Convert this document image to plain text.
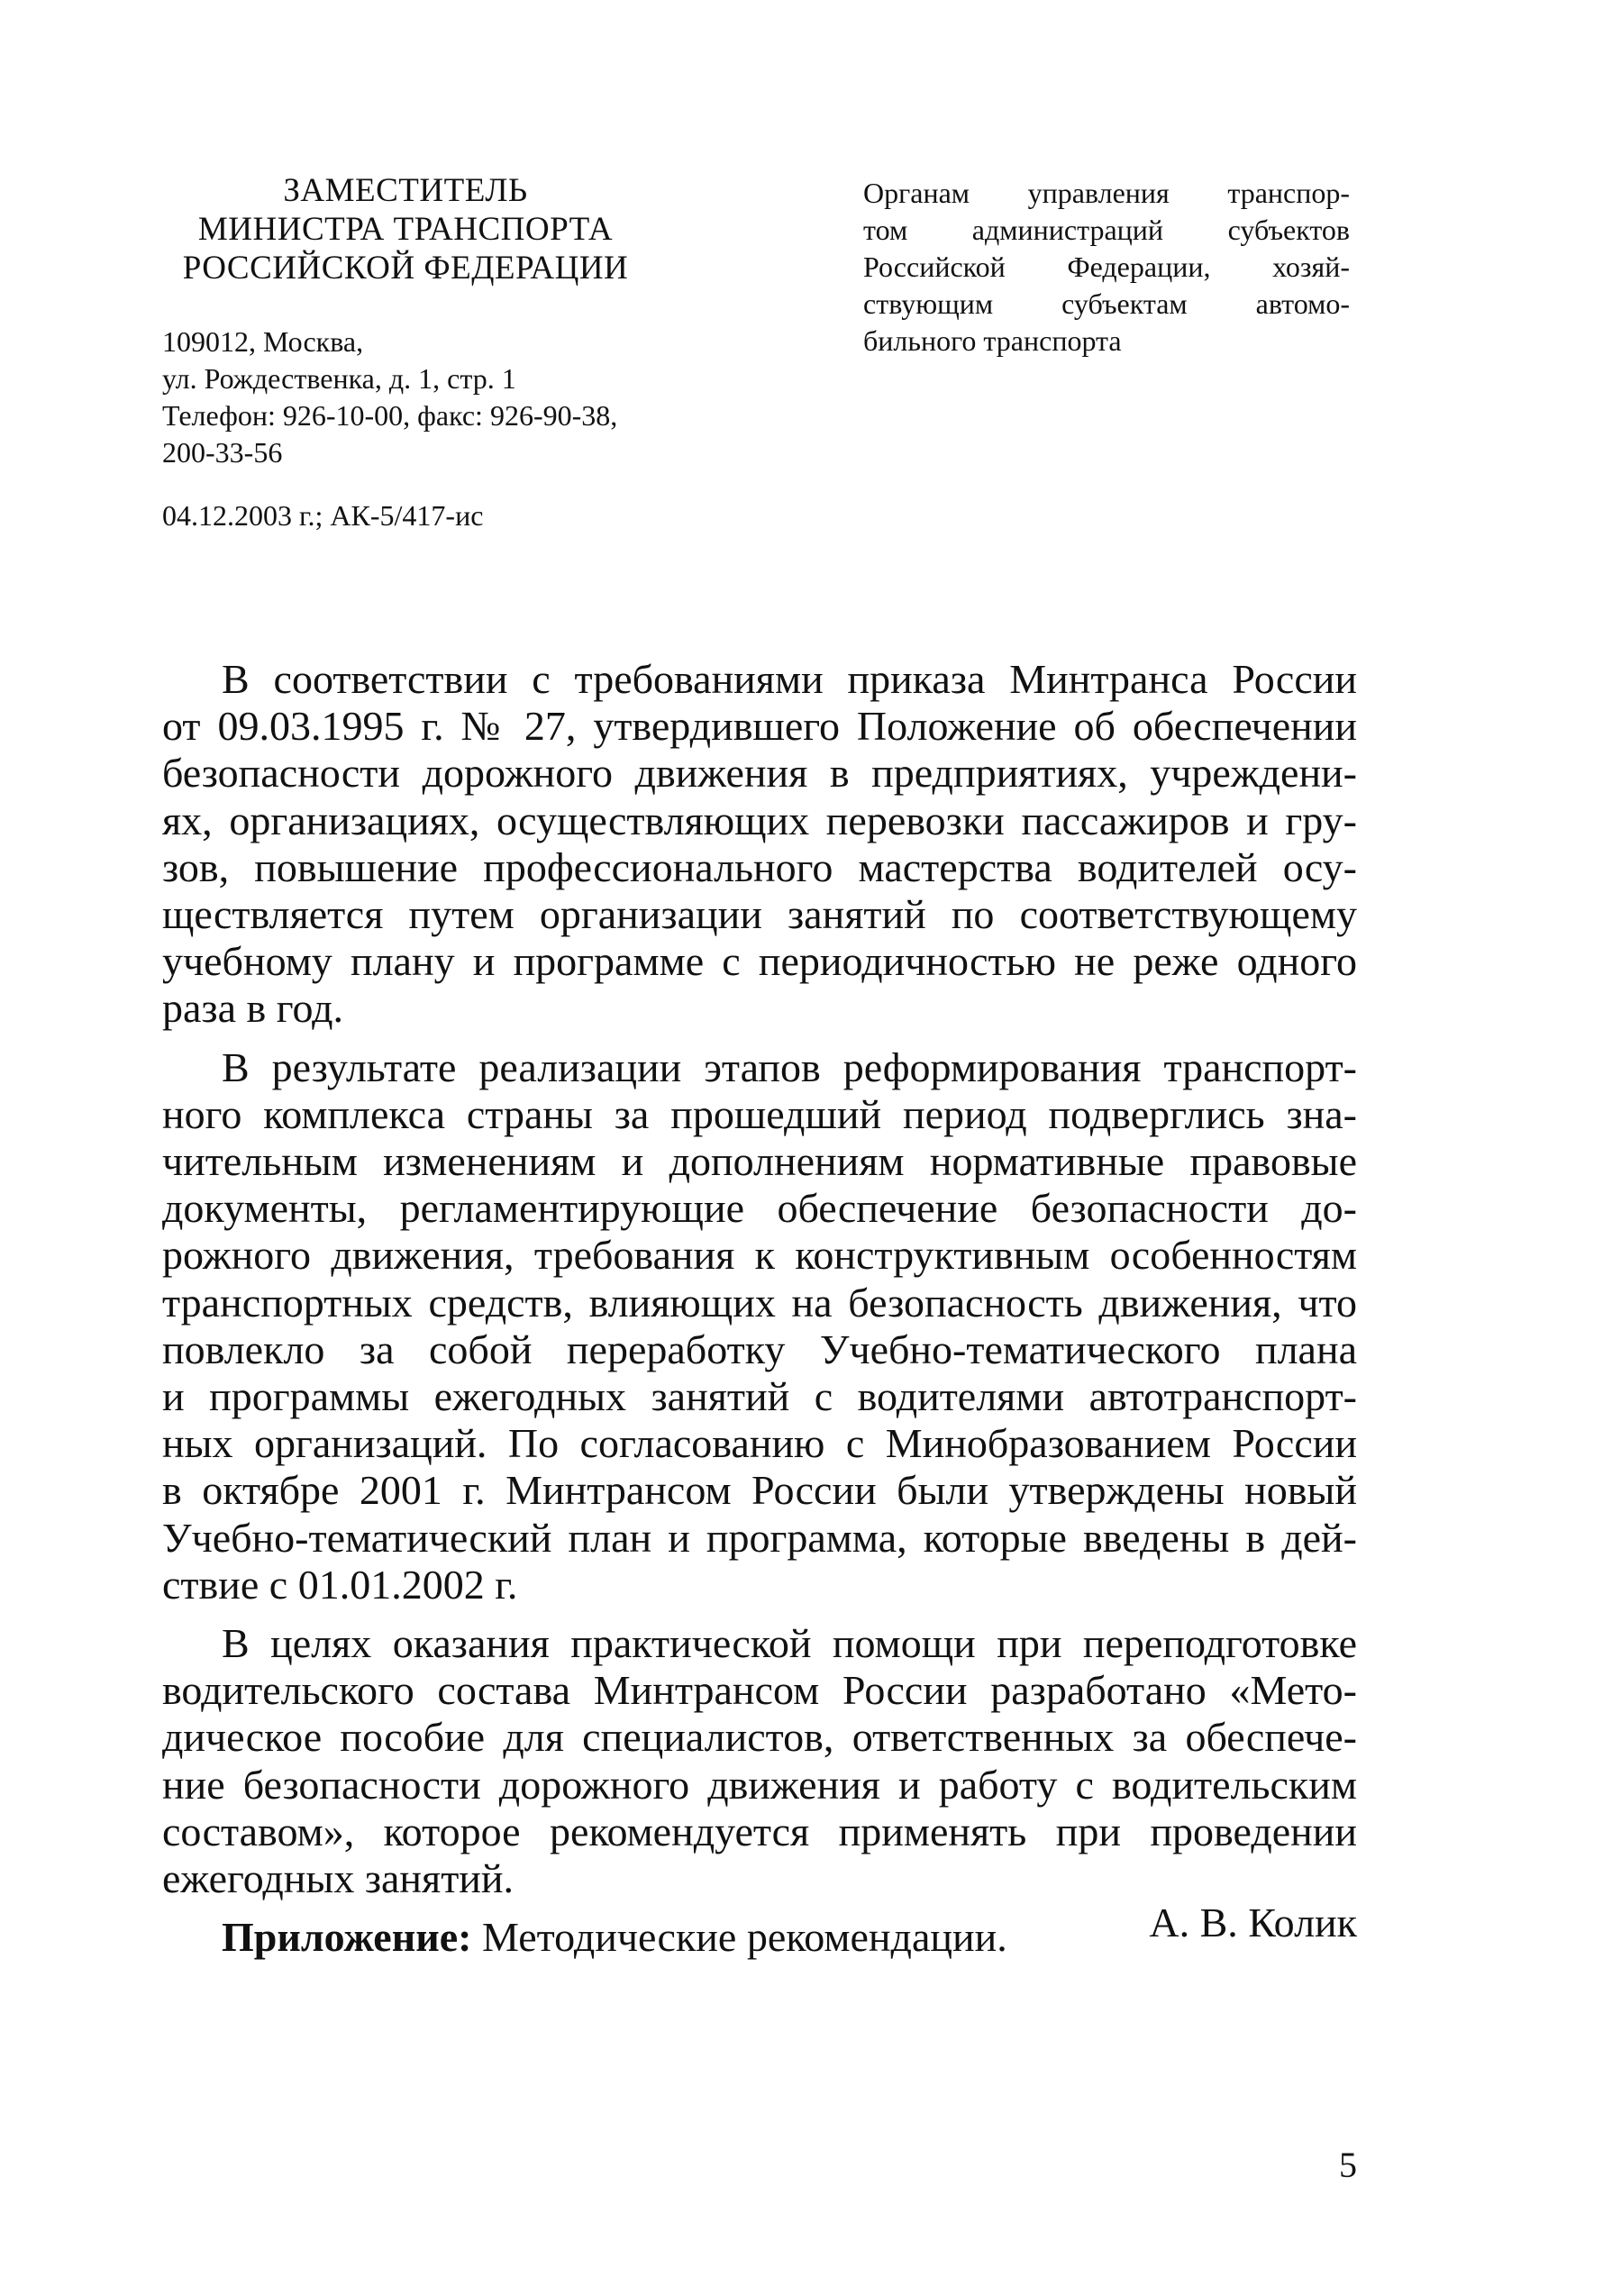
ЗАМЕСТИТЕЛЬ
МИНИСТРА ТРАНСПОРТА
РОССИЙСКОЙ ФЕДЕРАЦИИ
109012, Москва,
ул. Рождественка, д. 1, стр. 1
Телефон: 926-10-00, факс: 926-90-38,
200-33-56
04.12.2003 г.; АК-5/417-ис
Органам управления транспор-
том администраций субъектов
Российской Федерации, хозяй-
ствующим субъектам автомо-
бильного транспорта
В соответствии с требованиями приказа Минтранса России
от 09.03.1995 г. № 27, утвердившего Положение об обеспечении
безопасности дорожного движения в предприятиях, учреждени-
ях, организациях, осуществляющих перевозки пассажиров и гру-
зов, повышение профессионального мастерства водителей осу-
ществляется путем организации занятий по соответствующему
учебному плану и программе с периодичностью не реже одного
раза в год.
В результате реализации этапов реформирования транспорт-
ного комплекса страны за прошедший период подверглись зна-
чительным изменениям и дополнениям нормативные правовые
документы, регламентирующие обеспечение безопасности до-
рожного движения, требования к конструктивным особенностям
транспортных средств, влияющих на безопасность движения, что
повлекло за собой переработку Учебно-тематического плана
и программы ежегодных занятий с водителями автотранспорт-
ных организаций. По согласованию с Минобразованием России
в октябре 2001 г. Минтрансом России были утверждены новый
Учебно-тематический план и программа, которые введены в дей-
ствие с 01.01.2002 г.
В целях оказания практической помощи при переподготовке
водительского состава Минтрансом России разработано «Мето-
дическое пособие для специалистов, ответственных за обеспече-
ние безопасности дорожного движения и работу с водительским
составом», которое рекомендуется применять при проведении
ежегодных занятий.
Приложение: Методические рекомендации.	А. В. Колик
5
